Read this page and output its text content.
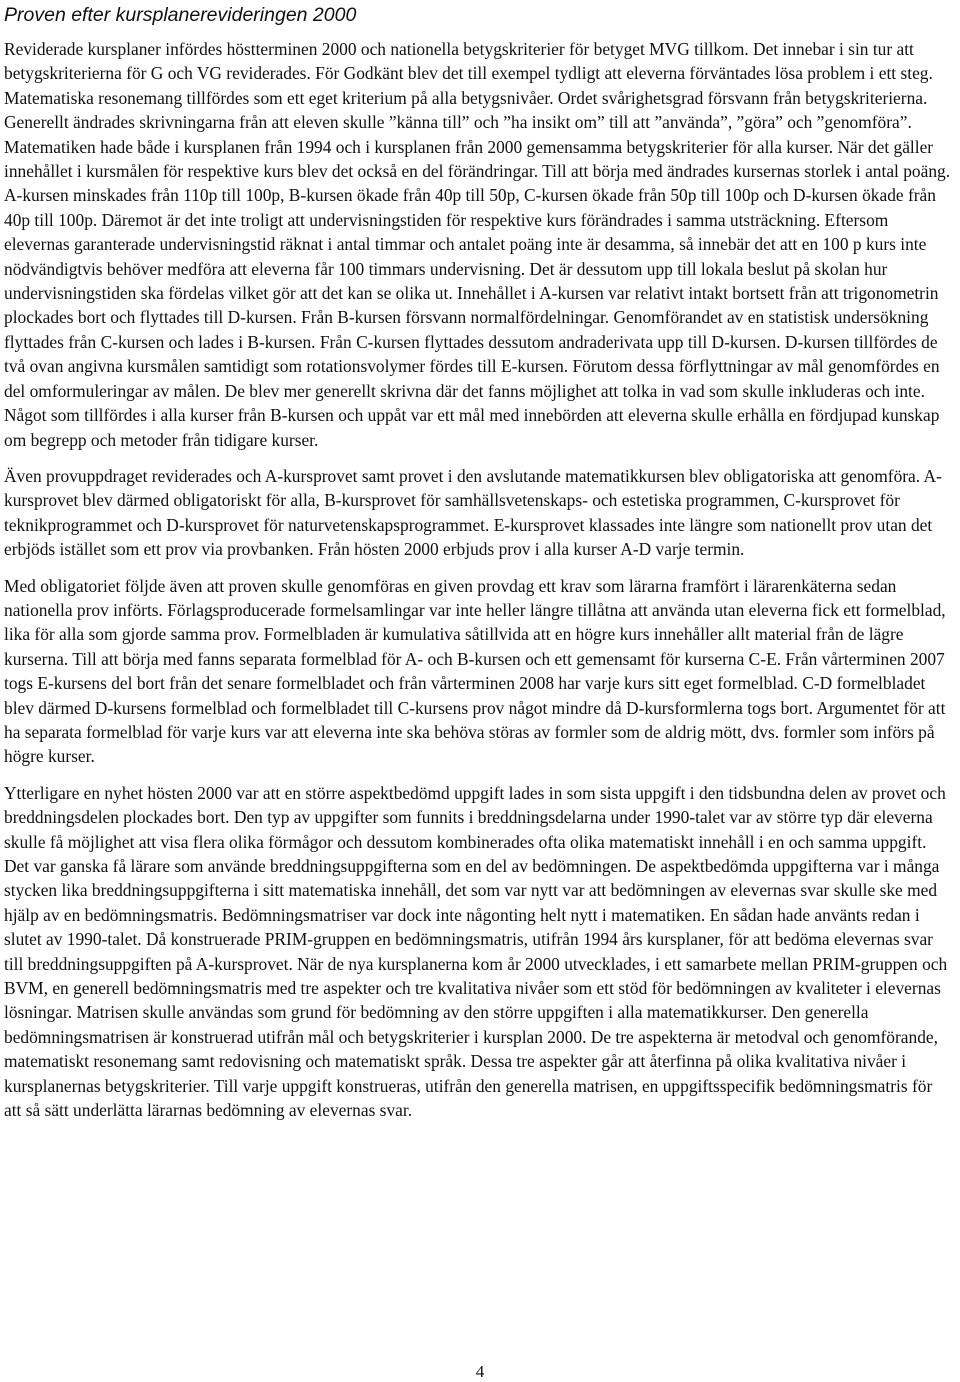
Proven efter kursplanerevideringen 2000

Reviderade kursplaner infördes höstterminen 2000 och nationella betygskriterier för betyget MVG tillkom. Det innebar i sin tur att betygskriterierna för G och VG reviderades. För Godkänt blev det till exempel tydligt att eleverna förväntades lösa problem i ett steg. Matematiska resonemang tillfördes som ett eget kriterium på alla betygsnivåer. Ordet svårighetsgrad försvann från betygskriterierna. Generellt ändrades skrivningarna från att eleven skulle ”känna till” och ”ha insikt om” till att ”använda”, ”göra” och ”genomföra”. Matematiken hade både i kursplanen från 1994 och i kursplanen från 2000 gemensamma betygskriterier för alla kurser. När det gäller innehållet i kursmålen för respektive kurs blev det också en del förändringar. Till att börja med ändrades kursernas storlek i antal poäng. A-kursen minskades från 110p till 100p, B-kursen ökade från 40p till 50p, C-kursen ökade från 50p till 100p och D-kursen ökade från 40p till 100p. Däremot är det inte troligt att undervisningstiden för respektive kurs förändrades i samma utsträckning. Eftersom elevernas garanterade undervisningstid räknat i antal timmar och antalet poäng inte är desamma, så innebär det att en 100 p kurs inte nödvändigtvis behöver medföra att eleverna får 100 timmars undervisning. Det är dessutom upp till lokala beslut på skolan hur undervisningstiden ska fördelas vilket gör att det kan se olika ut. Innehållet i A-kursen var relativt intakt bortsett från att trigonometrin plockades bort och flyttades till D-kursen. Från B-kursen försvann normalfördelningar. Genomförandet av en statistisk undersökning flyttades från C-kursen och lades i B-kursen. Från C-kursen flyttades dessutom andraderivata upp till D-kursen. D-kursen tillfördes de två ovan angivna kursmålen samtidigt som rotationsvolymer fördes till E-kursen. Förutom dessa förflyttningar av mål genomfördes en del omformuleringar av målen. De blev mer generellt skrivna där det fanns möjlighet att tolka in vad som skulle inkluderas och inte. Något som tillfördes i alla kurser från B-kursen och uppåt var ett mål med innebörden att eleverna skulle erhålla en fördjupad kunskap om begrepp och metoder från tidigare kurser.

Även provuppdraget reviderades och A-kursprovet samt provet i den avslutande matematikkursen blev obligatoriska att genomföra. A-kursprovet blev därmed obligatoriskt för alla, B-kursprovet för samhällsvetenskaps- och estetiska programmen, C-kursprovet för teknikprogrammet och D-kursprovet för naturvetenskapsprogrammet. E-kursprovet klassades inte längre som nationellt prov utan det erbjöds istället som ett prov via provbanken. Från hösten 2000 erbjuds prov i alla kurser A-D varje termin.

Med obligatoriet följde även att proven skulle genomföras en given provdag ett krav som lärarna framfört i lärarenkäterna sedan nationella prov införts. Förlagsproducerade formelsamlingar var inte heller längre tillåtna att använda utan eleverna fick ett formelblad, lika för alla som gjorde samma prov. Formelbladen är kumulativa såtillvida att en högre kurs innehåller allt material från de lägre kurserna. Till att börja med fanns separata formelblad för A- och B-kursen och ett gemensamt för kurserna C-E. Från vårterminen 2007 togs E-kursens del bort från det senare formelbladet och från vårterminen 2008 har varje kurs sitt eget formelblad. C-D formelbladet blev därmed D-kursens formelblad och formelbladet till C-kursens prov något mindre då D-kursformlerna togs bort. Argumentet för att ha separata formelblad för varje kurs var att eleverna inte ska behöva störas av formler som de aldrig mött, dvs. formler som införs på högre kurser.

Ytterligare en nyhet hösten 2000 var att en större aspektbedömd uppgift lades in som sista uppgift i den tidsbundna delen av provet och breddningsdelen plockades bort. Den typ av uppgifter som funnits i breddningsdelarna under 1990-talet var av större typ där eleverna skulle få möjlighet att visa flera olika förmågor och dessutom kombinerades ofta olika matematiskt innehåll i en och samma uppgift. Det var ganska få lärare som använde breddningsuppgifterna som en del av bedömningen. De aspektbedömda uppgifterna var i många stycken lika breddningsuppgifterna i sitt matematiska innehåll, det som var nytt var att bedömningen av elevernas svar skulle ske med hjälp av en bedömningsmatris. Bedömningsmatriser var dock inte någonting helt nytt i matematiken. En sådan hade använts redan i slutet av 1990-talet. Då konstruerade PRIM-gruppen en bedömningsmatris, utifrån 1994 års kursplaner, för att bedöma elevernas svar till breddningsuppgiften på A-kursprovet. När de nya kursplanerna kom år 2000 utvecklades, i ett samarbete mellan PRIM-gruppen och BVM, en generell bedömningsmatris med tre aspekter och tre kvalitativa nivåer som ett stöd för bedömningen av kvaliteter i elevernas lösningar. Matrisen skulle användas som grund för bedömning av den större uppgiften i alla matematikkurser. Den generella bedömningsmatrisen är konstruerad utifrån mål och betygskriterier i kursplan 2000. De tre aspekterna är metodval och genomförande, matematiskt resonemang samt redovisning och matematiskt språk. Dessa tre aspekter går att återfinna på olika kvalitativa nivåer i kursplanernas betygskriterier. Till varje uppgift konstrueras, utifrån den generella matrisen, en uppgiftsspecifik bedömningsmatris för att så sätt underlätta lärarnas bedömning av elevernas svar.

4
